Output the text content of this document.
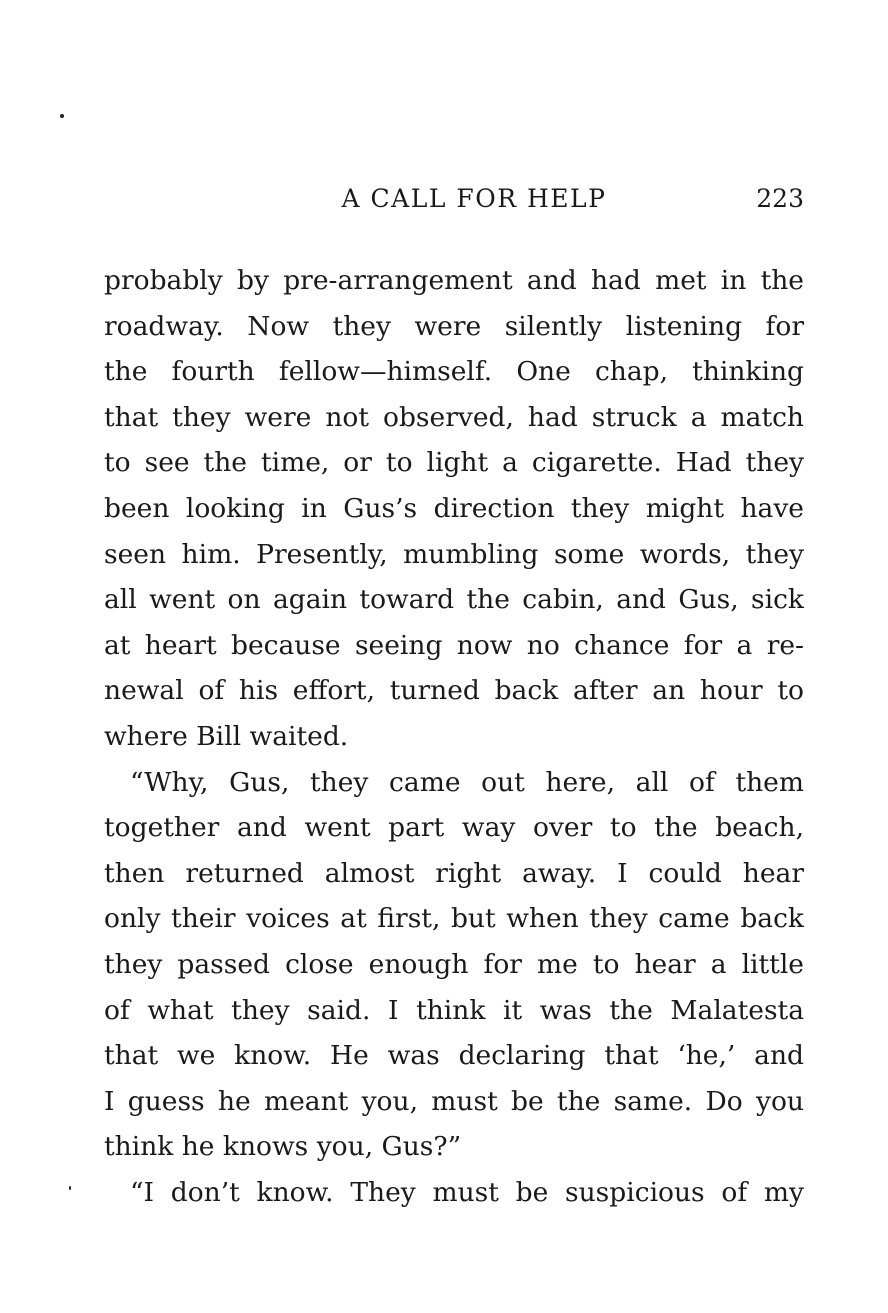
A CALL FOR HELP	223
probably by pre-arrangement and had met in the
roadway. Now they were silently listening for
the fourth fellow—himself. One chap, thinking
that they were not observed, had struck a match
to see the time, or to light a cigarette. Had they
been looking in Gus’s direction they might have
seen him. Presently, mumbling some words, they
all went on again toward the cabin, and Gus, sick
at heart because seeing now no chance for a re-
newal of his effort, turned back after an hour to
where Bill waited.
“Why, Gus, they came out here, all of them
together and went part way over to the beach,
then returned almost right away. I could hear
only their voices at first, but when they came back
they passed close enough for me to hear a little
of what they said. I think it was the Malatesta
that we know. He was declaring that ‘he,’ and
I guess he meant you, must be the same. Do you
think he knows you, Gus?”
“I don’t know. They must be suspicious of my
